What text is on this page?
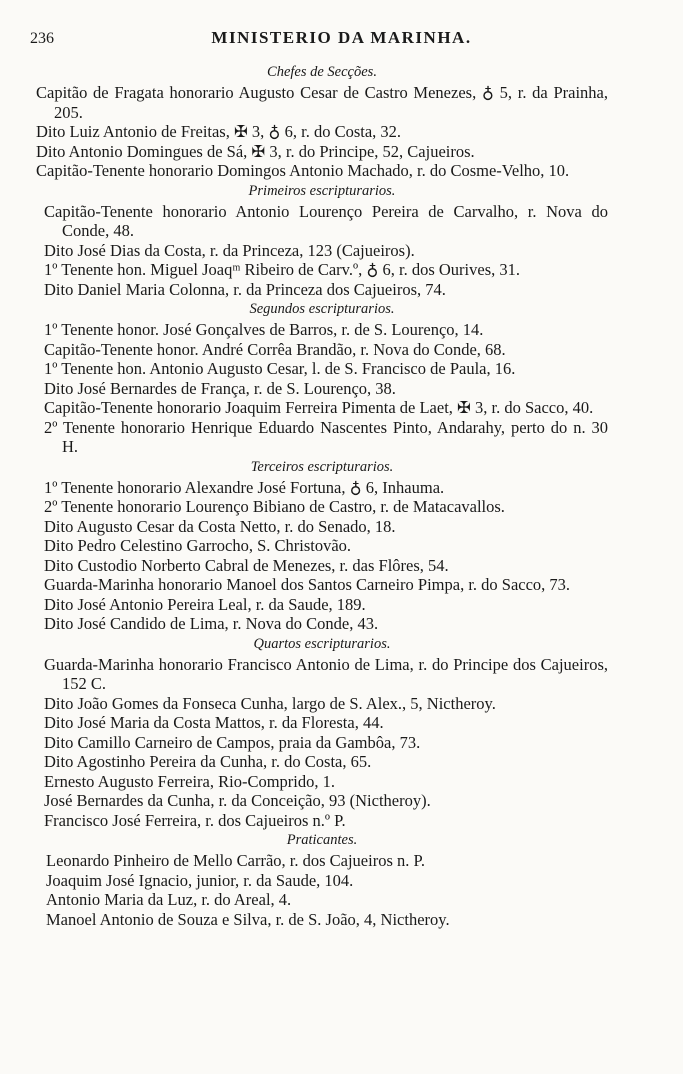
236	MINISTERIO DA MARINHA.
Chefes de Secções.
Capitão de Fragata honorario Augusto Cesar de Castro Menezes, ♁ 5, r. da Prainha, 205.
Dito Luiz Antonio de Freitas, ✠ 3, ♁ 6, r. do Costa, 32.
Dito Antonio Domingues de Sá, ✠ 3, r. do Principe, 52, Cajueiros.
Capitão-Tenente honorario Domingos Antonio Machado, r. do Cosme-Velho, 10.
Primeiros escripturarios.
Capitão-Tenente honorario Antonio Lourenço Pereira de Carvalho, r. Nova do Conde, 48.
Dito José Dias da Costa, r. da Princeza, 123 (Cajueiros).
1º Tenente hon. Miguel Joaqᵐ Ribeiro de Carv.º, ♁ 6, r. dos Ourives, 31.
Dito Daniel Maria Colonna, r. da Princeza dos Cajueiros, 74.
Segundos escripturarios.
1º Tenente honor. José Gonçalves de Barros, r. de S. Lourenço, 14.
Capitão-Tenente honor. André Corrêa Brandão, r. Nova do Conde, 68.
1º Tenente hon. Antonio Augusto Cesar, l. de S. Francisco de Paula, 16.
Dito José Bernardes de França, r. de S. Lourenço, 38.
Capitão-Tenente honorario Joaquim Ferreira Pimenta de Laet, ✠ 3, r. do Sacco, 40.
2º Tenente honorario Henrique Eduardo Nascentes Pinto, Andarahy, perto do n. 30 H.
Terceiros escripturarios.
1º Tenente honorario Alexandre José Fortuna, ♁ 6, Inhauma.
2º Tenente honorario Lourenço Bibiano de Castro, r. de Matacavallos.
Dito Augusto Cesar da Costa Netto, r. do Senado, 18.
Dito Pedro Celestino Garrocho, S. Christovão.
Dito Custodio Norberto Cabral de Menezes, r. das Flôres, 54.
Guarda-Marinha honorario Manoel dos Santos Carneiro Pimpa, r. do Sacco, 73.
Dito José Antonio Pereira Leal, r. da Saude, 189.
Dito José Candido de Lima, r. Nova do Conde, 43.
Quartos escripturarios.
Guarda-Marinha honorario Francisco Antonio de Lima, r. do Principe dos Cajueiros, 152 C.
Dito João Gomes da Fonseca Cunha, largo de S. Alex., 5, Nictheroy.
Dito José Maria da Costa Mattos, r. da Floresta, 44.
Dito Camillo Carneiro de Campos, praia da Gambôa, 73.
Dito Agostinho Pereira da Cunha, r. do Costa, 65.
Ernesto Augusto Ferreira, Rio-Comprido, 1.
José Bernardes da Cunha, r. da Conceição, 93 (Nictheroy).
Francisco José Ferreira, r. dos Cajueiros n.º P.
Praticantes.
Leonardo Pinheiro de Mello Carrão, r. dos Cajueiros n. P.
Joaquim José Ignacio, junior, r. da Saude, 104.
Antonio Maria da Luz, r. do Areal, 4.
Manoel Antonio de Souza e Silva, r. de S. João, 4, Nictheroy.
